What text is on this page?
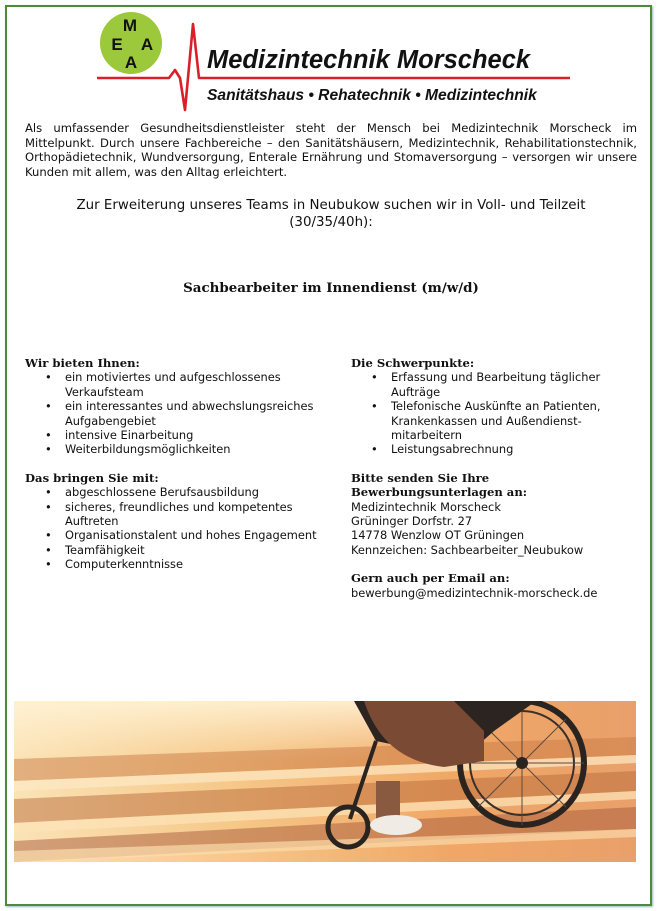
M
E A
A	Medizintechnik Morscheck
Sanitätshaus • Rehatechnik • Medizintechnik

Als umfassender Gesundheitsdienstleister steht der Mensch bei Medizintechnik Morscheck im Mittelpunkt. Durch unsere Fachbereiche – den Sanitätshäusern, Medizintechnik, Rehabilitationstechnik, Orthopädietechnik, Wundversorgung, Enterale Ernährung und Stomaversorgung – versorgen wir unsere Kunden mit allem, was den Alltag erleichtert.

Zur Erweiterung unseres Teams in Neubukow suchen wir in Voll- und Teilzeit
(30/35/40h):
Sachbearbeiter im Innendienst (m/w/d)
Wir bieten Ihnen:
• ein motiviertes und aufgeschlossenes Verkaufsteam
• ein interessantes und abwechslungsreiches Aufgabengebiet
• intensive Einarbeitung
• Weiterbildungsmöglichkeiten
Das bringen Sie mit:
• abgeschlossene Berufsausbildung
• sicheres, freundliches und kompetentes Auftreten
• Organisationstalent und hohes Engagement
• Teamfähigkeit
• Computerkenntnisse
Die Schwerpunkte:
• Erfassung und Bearbeitung täglicher Aufträge
• Telefonische Auskünfte an Patienten, Krankenkassen und Außendienst-mitarbeitern
• Leistungsabrechnung
Bitte senden Sie Ihre
Bewerbungsunterlagen an:

Medizintechnik Morscheck

Grüninger Dorfstr. 27

14778 Wenzlow OT Grüningen

Kennzeichen: Sachbearbeiter_Neubukow

Gern auch per Email an:

bewerbung@medizintechnik-morscheck.de
